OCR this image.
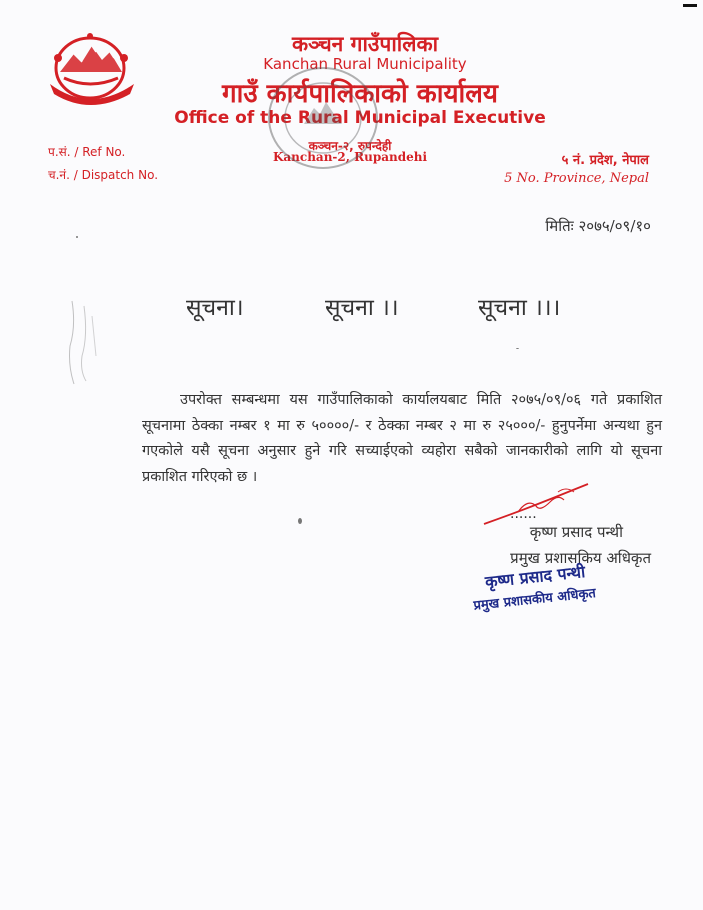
कञ्चन गाउँपालिका
Kanchan Rural Municipality
गाउँ कार्यपालिकाको कार्यालय
Office of the Rural Municipal Executive
कञ्चन-२, रुपन्देही
Kanchan-2, Rupandehi
प.सं. / Ref No.
च.नं. / Dispatch No.
५ नं. प्रदेश, नेपाल
5 No. Province, Nepal
मितिः २०७५/०९/१०
सूचना।	सूचना ।।	सूचना ।।।
उपरोक्त सम्बन्धमा यस गाउँपालिकाको कार्यालयबाट मिति २०७५/०९/०६ गते प्रकाशित सूचनामा ठेक्का नम्बर १ मा रु ५००००/- र ठेक्का नम्बर २ मा रु २५०००/- हुनुपर्नेमा अन्यथा हुन गएकोले यसै सूचना अनुसार हुने गरि सच्याईएको व्यहोरा सबैको जानकारीको लागि यो सूचना प्रकाशित गरिएको छ ।
......
कृष्ण प्रसाद पन्थी
प्रमुख प्रशासकिय अधिकृत
कृष्ण प्रसाद पन्थी
प्रमुख प्रशासकीय अधिकृत
